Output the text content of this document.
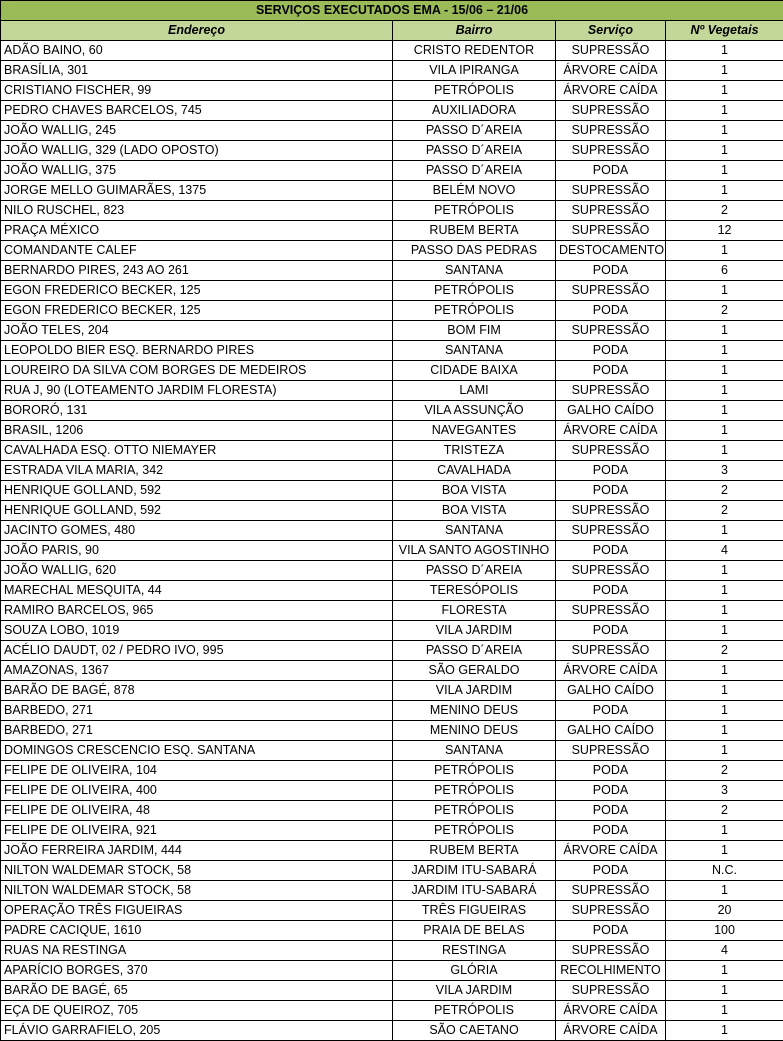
SERVIÇOS EXECUTADOS EMA - 15/06 – 21/06			
Endereço	Bairro	Serviço	Nº Vegetais
ADÃO BAINO, 60	CRISTO REDENTOR	SUPRESSÃO	1
BRASÍLIA, 301	VILA IPIRANGA	ÁRVORE CAÍDA	1
CRISTIANO FISCHER, 99	PETRÓPOLIS	ÁRVORE CAÍDA	1
PEDRO CHAVES BARCELOS, 745	AUXILIADORA	SUPRESSÃO	1
JOÃO WALLIG, 245	PASSO D´AREIA	SUPRESSÃO	1
JOÃO WALLIG, 329 (LADO OPOSTO)	PASSO D´AREIA	SUPRESSÃO	1
JOÃO WALLIG, 375	PASSO D´AREIA	PODA	1
JORGE MELLO GUIMARÃES, 1375	BELÉM NOVO	SUPRESSÃO	1
NILO RUSCHEL, 823	PETRÓPOLIS	SUPRESSÃO	2
PRAÇA MÉXICO	RUBEM BERTA	SUPRESSÃO	12
COMANDANTE CALEF	PASSO DAS PEDRAS	DESTOCAMENTO	1
BERNARDO PIRES, 243 AO 261	SANTANA	PODA	6
EGON FREDERICO BECKER, 125	PETRÓPOLIS	SUPRESSÃO	1
EGON FREDERICO BECKER, 125	PETRÓPOLIS	PODA	2
JOÃO TELES, 204	BOM FIM	SUPRESSÃO	1
LEOPOLDO BIER ESQ. BERNARDO PIRES	SANTANA	PODA	1
LOUREIRO DA SILVA COM BORGES DE MEDEIROS	CIDADE BAIXA	PODA	1
RUA J, 90 (LOTEAMENTO JARDIM FLORESTA)	LAMI	SUPRESSÃO	1
BORORÓ, 131	VILA ASSUNÇÃO	GALHO CAÍDO	1
BRASIL, 1206	NAVEGANTES	ÁRVORE CAÍDA	1
CAVALHADA ESQ. OTTO NIEMAYER	TRISTEZA	SUPRESSÃO	1
ESTRADA VILA MARIA, 342	CAVALHADA	PODA	3
HENRIQUE GOLLAND, 592	BOA VISTA	PODA	2
HENRIQUE GOLLAND, 592	BOA VISTA	SUPRESSÃO	2
JACINTO GOMES, 480	SANTANA	SUPRESSÃO	1
JOÃO PARIS, 90	VILA SANTO AGOSTINHO	PODA	4
JOÃO WALLIG, 620	PASSO D´AREIA	SUPRESSÃO	1
MARECHAL MESQUITA, 44	TERESÓPOLIS	PODA	1
RAMIRO BARCELOS, 965	FLORESTA	SUPRESSÃO	1
SOUZA LOBO, 1019	VILA JARDIM	PODA	1
ACÉLIO DAUDT, 02 / PEDRO IVO, 995	PASSO D´AREIA	SUPRESSÃO	2
AMAZONAS, 1367	SÃO GERALDO	ÁRVORE CAÍDA	1
BARÃO DE BAGÉ, 878	VILA JARDIM	GALHO CAÍDO	1
BARBEDO, 271	MENINO DEUS	PODA	1
BARBEDO, 271	MENINO DEUS	GALHO CAÍDO	1
DOMINGOS CRESCENCIO ESQ. SANTANA	SANTANA	SUPRESSÃO	1
FELIPE DE OLIVEIRA, 104	PETRÓPOLIS	PODA	2
FELIPE DE OLIVEIRA, 400	PETRÓPOLIS	PODA	3
FELIPE DE OLIVEIRA, 48	PETRÓPOLIS	PODA	2
FELIPE DE OLIVEIRA, 921	PETRÓPOLIS	PODA	1
JOÃO FERREIRA JARDIM, 444	RUBEM BERTA	ÁRVORE CAÍDA	1
NILTON WALDEMAR STOCK, 58	JARDIM ITU-SABARÁ	PODA	N.C.
NILTON WALDEMAR STOCK, 58	JARDIM ITU-SABARÁ	SUPRESSÃO	1
OPERAÇÃO TRÊS FIGUEIRAS	TRÊS FIGUEIRAS	SUPRESSÃO	20
PADRE CACIQUE, 1610	PRAIA DE BELAS	PODA	100
RUAS NA RESTINGA	RESTINGA	SUPRESSÃO	4
APARÍCIO BORGES, 370	GLÓRIA	RECOLHIMENTO	1
BARÃO DE BAGÉ, 65	VILA JARDIM	SUPRESSÃO	1
EÇA DE QUEIROZ, 705	PETRÓPOLIS	ÁRVORE CAÍDA	1
FLÁVIO GARRAFIELO, 205	SÃO CAETANO	ÁRVORE CAÍDA	1
